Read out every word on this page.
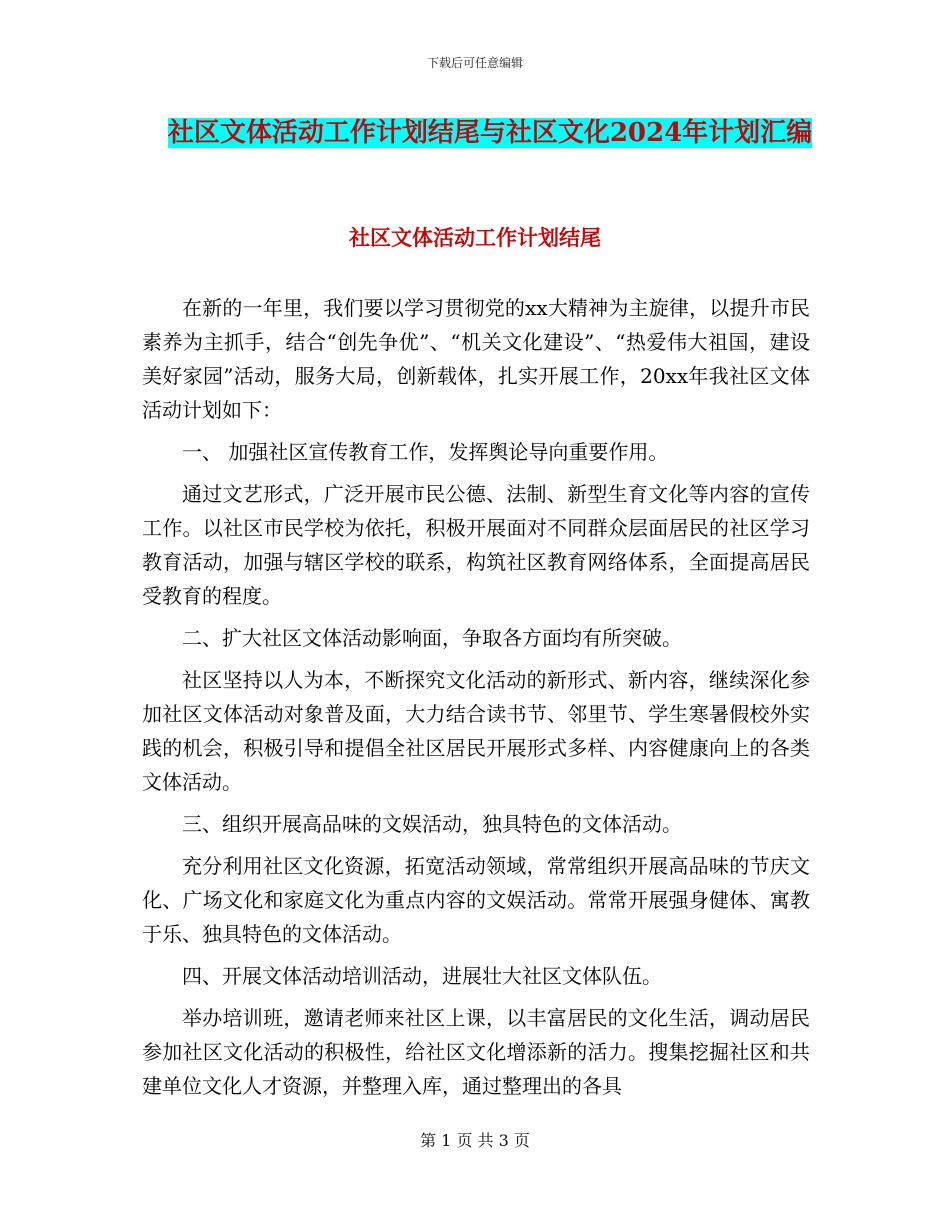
下载后可任意编辑
社区文体活动工作计划结尾与社区文化2024年计划汇编
社区文体活动工作计划结尾

在新的一年里，我们要以学习贯彻党的xx大精神为主旋律，以提升市民素养为主抓手，结合“创先争优”、“机关文化建设”、“热爱伟大祖国，建设美好家园”活动，服务大局，创新载体，扎实开展工作，20xx年我社区文体活动计划如下：

一、 加强社区宣传教育工作，发挥舆论导向重要作用。

通过文艺形式，广泛开展市民公德、法制、新型生育文化等内容的宣传工作。以社区市民学校为依托，积极开展面对不同群众层面居民的社区学习教育活动，加强与辖区学校的联系，构筑社区教育网络体系，全面提高居民受教育的程度。

二、扩大社区文体活动影响面，争取各方面均有所突破。

社区坚持以人为本，不断探究文化活动的新形式、新内容，继续深化参加社区文体活动对象普及面，大力结合读书节、邻里节、学生寒暑假校外实践的机会，积极引导和提倡全社区居民开展形式多样、内容健康向上的各类文体活动。

三、组织开展高品味的文娱活动，独具特色的文体活动。

充分利用社区文化资源，拓宽活动领域，常常组织开展高品味的节庆文化、广场文化和家庭文化为重点内容的文娱活动。常常开展强身健体、寓教于乐、独具特色的文体活动。

四、开展文体活动培训活动，进展壮大社区文体队伍。

举办培训班，邀请老师来社区上课，以丰富居民的文化生活，调动居民参加社区文化活动的积极性，给社区文化增添新的活力。搜集挖掘社区和共建单位文化人才资源，并整理入库，通过整理出的各具

第 1 页 共 3 页
